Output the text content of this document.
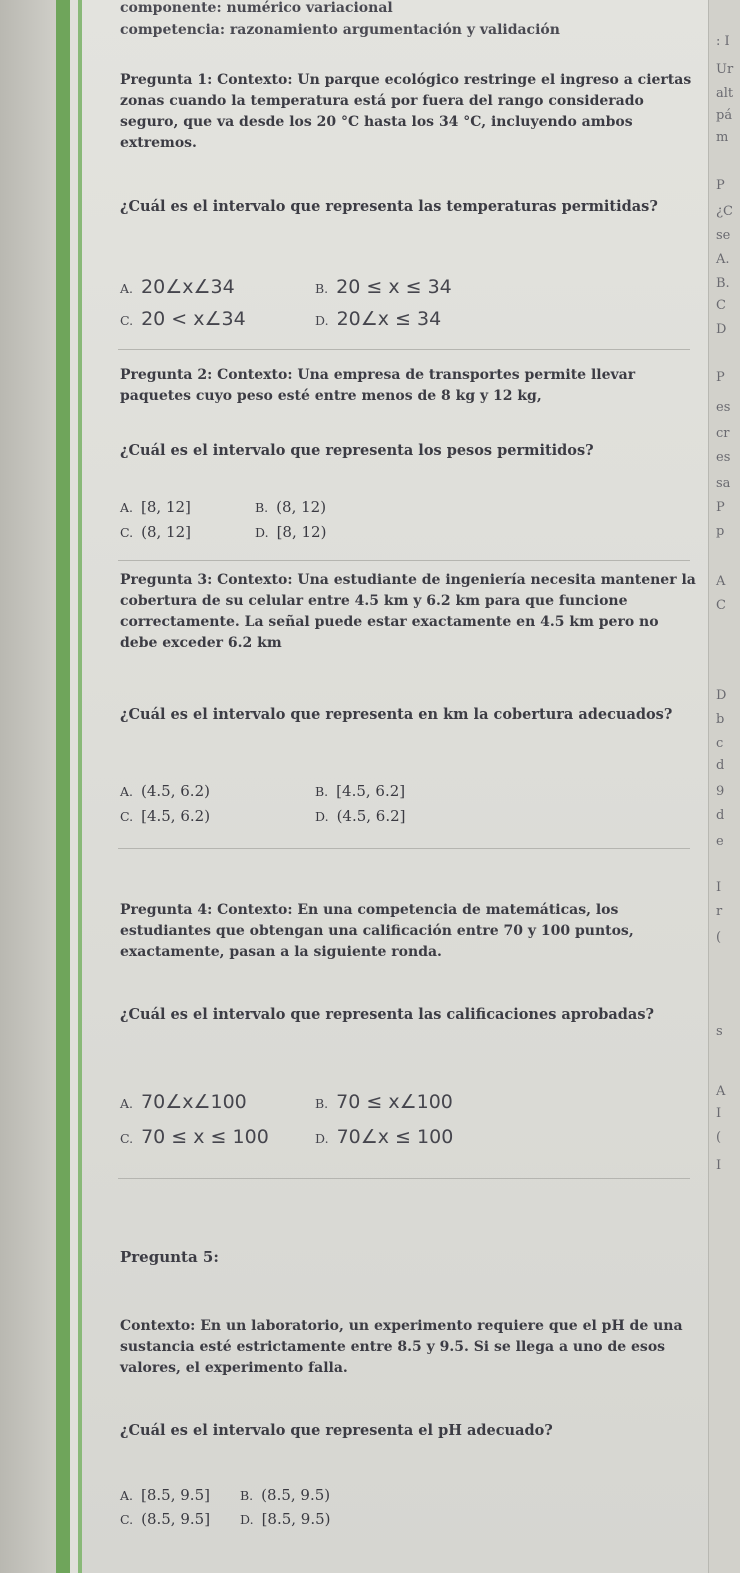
componente: numérico variacional
competencia: razonamiento argumentación y validación

Pregunta 1: Contexto: Un parque ecológico restringe el ingreso a ciertas zonas cuando la temperatura está por fuera del rango considerado seguro, que va desde los 20 °C hasta los 34 °C, incluyendo ambos extremos.

¿Cuál es el intervalo que representa las temperaturas permitidas?

A. 20∠x∠34	B. 20 ≤ x ≤ 34
C. 20 < x∠34	D. 20∠x ≤ 34

Pregunta 2: Contexto: Una empresa de transportes permite llevar paquetes cuyo peso esté entre menos de 8 kg y 12 kg,

¿Cuál es el intervalo que representa los pesos permitidos?

A. [8, 12]	B. (8, 12)
C. (8, 12]	D. [8, 12)

Pregunta 3: Contexto: Una estudiante de ingeniería necesita mantener la cobertura de su celular entre 4.5 km y 6.2 km para que funcione correctamente. La señal puede estar exactamente en 4.5 km pero no debe exceder 6.2 km

¿Cuál es el intervalo que representa en km la cobertura adecuados?

A. (4.5, 6.2)	B. [4.5, 6.2]
C. [4.5, 6.2)	D. (4.5, 6.2]

Pregunta 4: Contexto: En una competencia de matemáticas, los estudiantes que obtengan una calificación entre 70 y 100 puntos, exactamente, pasan a la siguiente ronda.

¿Cuál es el intervalo que representa las calificaciones aprobadas?

A. 70∠x∠100	B. 70 ≤ x∠100
C. 70 ≤ x ≤ 100	D. 70∠x ≤ 100

Pregunta 5:

Contexto: En un laboratorio, un experimento requiere que el pH de una sustancia esté estrictamente entre 8.5 y 9.5. Si se llega a uno de esos valores, el experimento falla.

¿Cuál es el intervalo que representa el pH adecuado?

A. [8.5, 9.5] B. (8.5, 9.5)
C. (8.5, 9.5] D. [8.5, 9.5)
: I
Ur
alt
pá
m
P
¿C
se
A.
B.
C
D
P
es
cr
es
sa
P
p
A
C
D
b
c
d
9
d
e
I
r
(
s
A
I
(
I
